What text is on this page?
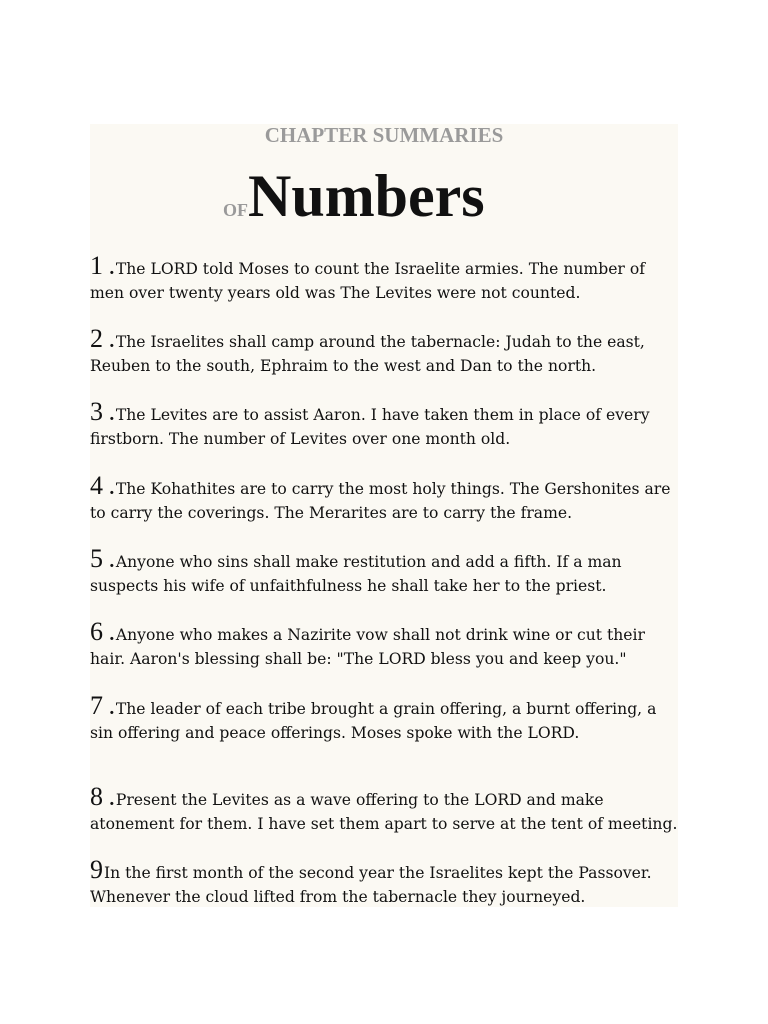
CHAPTER SUMMARIES
OFNumbers
1 .The LORD told Moses to count the Israelite armies. The number of men over twenty years old was The Levites were not counted.
2 .The Israelites shall camp around the tabernacle: Judah to the east, Reuben to the south, Ephraim to the west and Dan to the north.
3 .The Levites are to assist Aaron. I have taken them in place of every firstborn. The number of Levites over one month old.
4 .The Kohathites are to carry the most holy things. The Gershonites are to carry the coverings. The Merarites are to carry the frame.
5 .Anyone who sins shall make restitution and add a fifth. If a man suspects his wife of unfaithfulness he shall take her to the priest.
6 .Anyone who makes a Nazirite vow shall not drink wine or cut their hair. Aaron's blessing shall be: "The LORD bless you and keep you."
7 .The leader of each tribe brought a grain offering, a burnt offering, a sin offering and peace offerings. Moses spoke with the LORD.
8 .Present the Levites as a wave offering to the LORD and make atonement for them. I have set them apart to serve at the tent of meeting.
9In the first month of the second year the Israelites kept the Passover. Whenever the cloud lifted from the tabernacle they journeyed.
